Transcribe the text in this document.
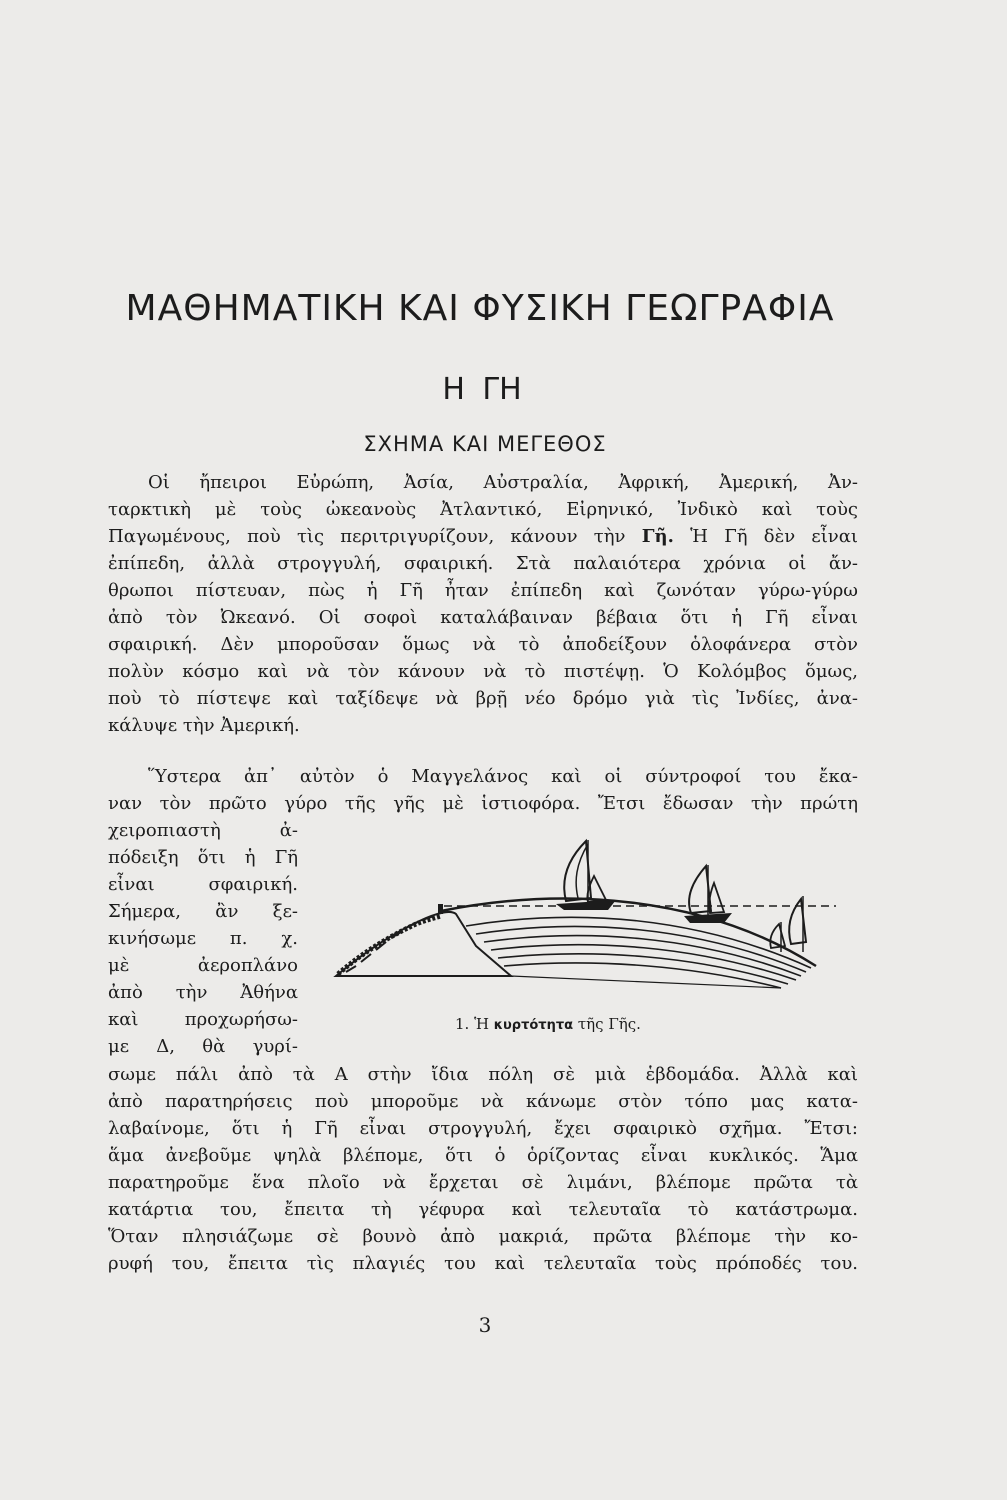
ΜΑΘΗΜΑΤΙΚΗ ΚΑΙ ΦΥΣΙΚΗ ΓΕΩΓΡΑΦΙΑ
Η ΓΗ
ΣΧΗΜΑ ΚΑΙ ΜΕΓΕΘΟΣ
Οἱ ἤπειροι Εὐρώπη, Ἀσία, Αὐστραλία, Ἀφρική, Ἀμερική, Ἀν-
ταρκτικὴ μὲ τοὺς ὠκεανοὺς Ἀτλαντικό, Εἰρηνικό, Ἰνδικὸ καὶ τοὺς
Παγωμένους, ποὺ τὶς περιτριγυρίζουν, κάνουν τὴν Γῆ. Ἡ Γῆ δὲν εἶναι
ἐπίπεδη, ἀλλὰ στρογγυλή, σφαιρική. Στὰ παλαιότερα χρόνια οἱ ἄν-
θρωποι πίστευαν, πὼς ἡ Γῆ ἦταν ἐπίπεδη καὶ ζωνόταν γύρω-γύρω
ἀπὸ τὸν Ὠκεανό. Οἱ σοφοὶ καταλάβαιναν βέβαια ὅτι ἡ Γῆ εἶναι
σφαιρική. Δὲν μποροῦσαν ὅμως νὰ τὸ ἀποδείξουν ὁλοφάνερα στὸν
πολὺν κόσμο καὶ νὰ τὸν κάνουν νὰ τὸ πιστέψῃ. Ὁ Κολόμβος ὅμως,
ποὺ τὸ πίστεψε καὶ ταξίδεψε νὰ βρῇ νέο δρόμο γιὰ τὶς Ἰνδίες, ἀνα-
κάλυψε τὴν Ἀμερική.
Ὕστερα ἀπ᾽ αὐτὸν ὁ Μαγγελάνος καὶ οἱ σύντροφοί του ἔκα-
ναν τὸν πρῶτο γύρο τῆς γῆς μὲ ἱστιοφόρα. Ἔτσι ἔδωσαν τὴν πρώτη
χειροπιαστὴ ἀ-
πόδειξη ὅτι ἡ Γῆ
εἶναι σφαιρική.
Σήμερα, ἂν ξε-
κινήσωμε π. χ.
μὲ ἀεροπλάνο
ἀπὸ τὴν Ἀθήνα
καὶ προχωρήσω-
με Δ, θὰ γυρί-
1. Ἡ κυρτότητα τῆς Γῆς.
σωμε πάλι ἀπὸ τὰ Α στὴν ἴδια πόλη σὲ μιὰ ἑβδομάδα. Ἀλλὰ καὶ
ἀπὸ παρατηρήσεις ποὺ μποροῦμε νὰ κάνωμε στὸν τόπο μας κατα-
λαβαίνομε, ὅτι ἡ Γῆ εἶναι στρογγυλή, ἔχει σφαιρικὸ σχῆμα. Ἔτσι:
ἅμα ἀνεβοῦμε ψηλὰ βλέπομε, ὅτι ὁ ὁρίζοντας εἶναι κυκλικός. Ἅμα
παρατηροῦμε ἕνα πλοῖο νὰ ἔρχεται σὲ λιμάνι, βλέπομε πρῶτα τὰ
κατάρτια του, ἔπειτα τὴ γέφυρα καὶ τελευταῖα τὸ κατάστρωμα.
Ὅταν πλησιάζωμε σὲ βουνὸ ἀπὸ μακριά, πρῶτα βλέπομε τὴν κο-
ρυφή του, ἔπειτα τὶς πλαγιές του καὶ τελευταῖα τοὺς πρόποδές του.
3
